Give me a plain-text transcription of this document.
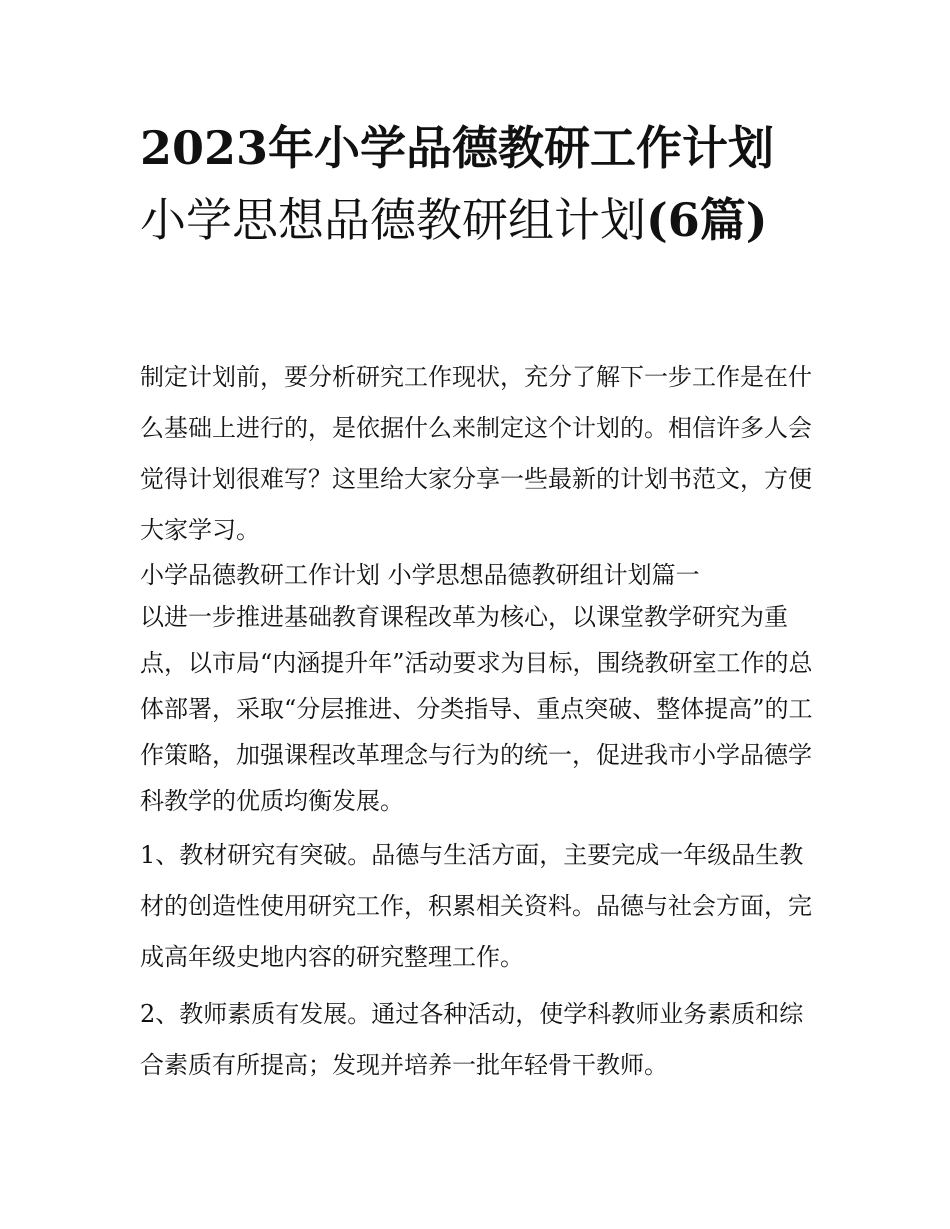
2023年小学品德教研工作计划
小学思想品德教研组计划(6篇)

制定计划前，要分析研究工作现状，充分了解下一步工作是在什么基础上进行的，是依据什么来制定这个计划的。相信许多人会觉得计划很难写？这里给大家分享一些最新的计划书范文，方便大家学习。

小学品德教研工作计划 小学思想品德教研组计划篇一

以进一步推进基础教育课程改革为核心，以课堂教学研究为重点，以市局“内涵提升年”活动要求为目标，围绕教研室工作的总体部署，采取“分层推进、分类指导、重点突破、整体提高”的工作策略，加强课程改革理念与行为的统一，促进我市小学品德学科教学的优质均衡发展。

1、教材研究有突破。品德与生活方面，主要完成一年级品生教材的创造性使用研究工作，积累相关资料。品德与社会方面，完成高年级史地内容的研究整理工作。

2、教师素质有发展。通过各种活动，使学科教师业务素质和综合素质有所提高；发现并培养一批年轻骨干教师。
